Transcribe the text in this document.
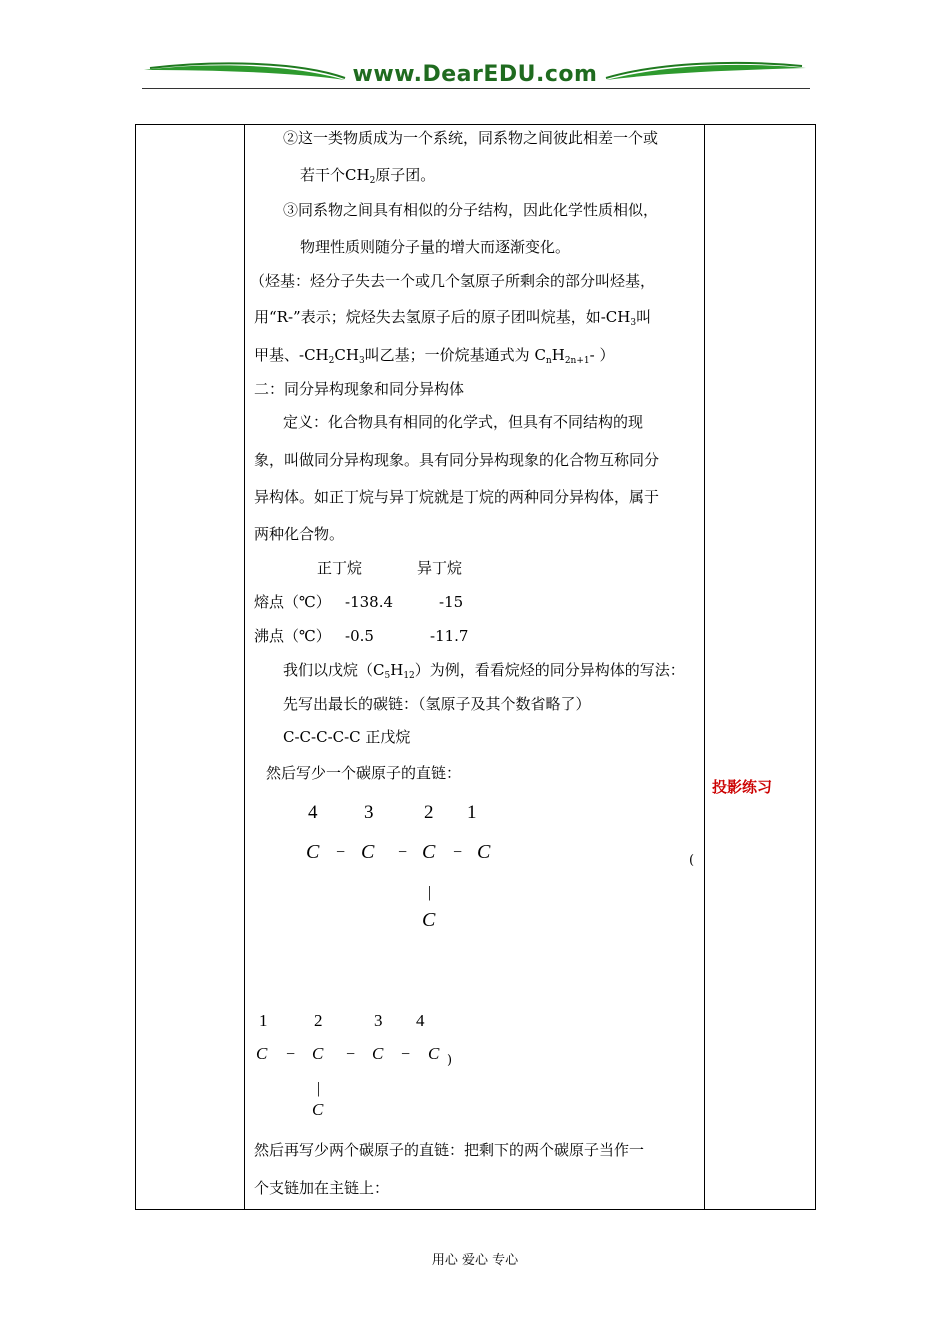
www.DearEDU.com
②这一类物质成为一个系统，同系物之间彼此相差一个或
若干个$CH_2$原子团。
③同系物之间具有相似的分子结构，因此化学性质相似，
物理性质则随分子量的增大而逐渐变化。
（烃基：烃分子失去一个或几个氢原子所剩余的部分叫烃基，
用“R-”表示；烷烃失去氢原子后的原子团叫烷基，如$-CH_3$叫
甲基、$-CH_2CH_3$叫乙基；一价烷基通式为 $C_nH_{2n+1}-$ ）
二：同分异构现象和同分异构体
定义：化合物具有相同的化学式，但具有不同结构的现
象，叫做同分异构现象。具有同分异构现象的化合物互称同分
异构体。如正丁烷与异丁烷就是丁烷的两种同分异构体，属于
两种化合物。
正丁烷	异丁烷
熔点（℃） -138.4	-15
沸点（℃） -0.5	-11.7
我们以戊烷$(C_5H_{12})$为例，看看烷烃的同分异构体的写法：
先写出最长的碳链：（氢原子及其个数省略了）
C-C-C-C-C 正戊烷
然后写少一个碳原子的直链：
4 3	2 1
C − C − C − C
|
C
(
1	2	3 4
C − C − C − C )
|
C
然后再写少两个碳原子的直链：把剩下的两个碳原子当作一
个支链加在主链上：
投影练习
用心 爱心 专心
